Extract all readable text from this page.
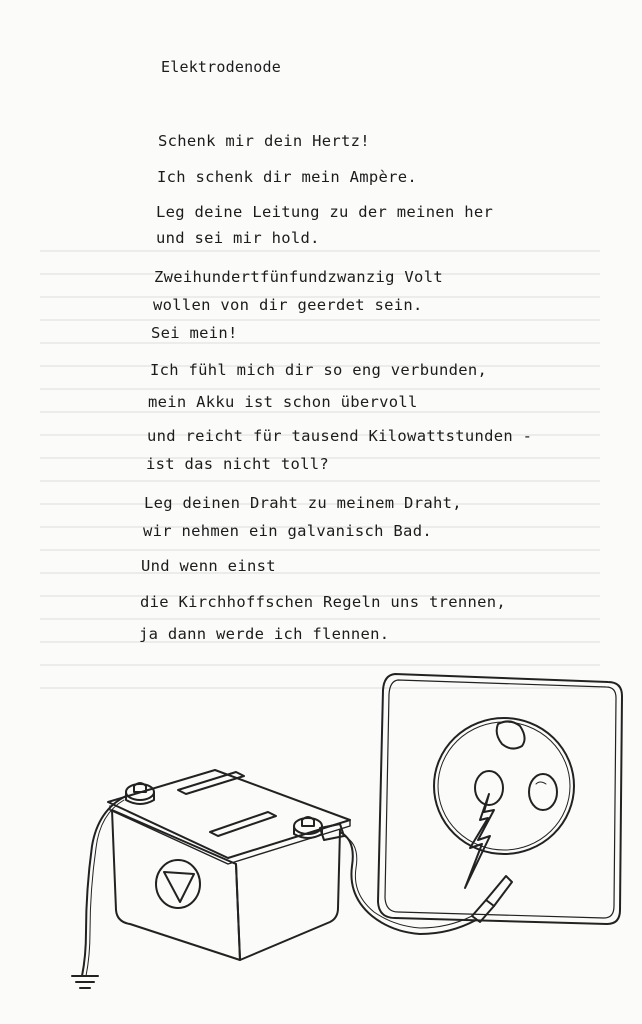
Elektrodenode
Schenk mir dein Hertz!
Ich schenk dir mein Ampère.
Leg deine Leitung zu der meinen her
und sei mir hold.
Zweihundertfünfundzwanzig Volt
wollen von dir geerdet sein.
Sei mein!
Ich fühl mich dir so eng verbunden,
mein Akku ist schon übervoll
und reicht für tausend Kilowattstunden -
ist das nicht toll?
Leg deinen Draht zu meinem Draht,
wir nehmen ein galvanisch Bad.
Und wenn einst
die Kirchhoffschen Regeln uns trennen,
ja dann werde ich flennen.
